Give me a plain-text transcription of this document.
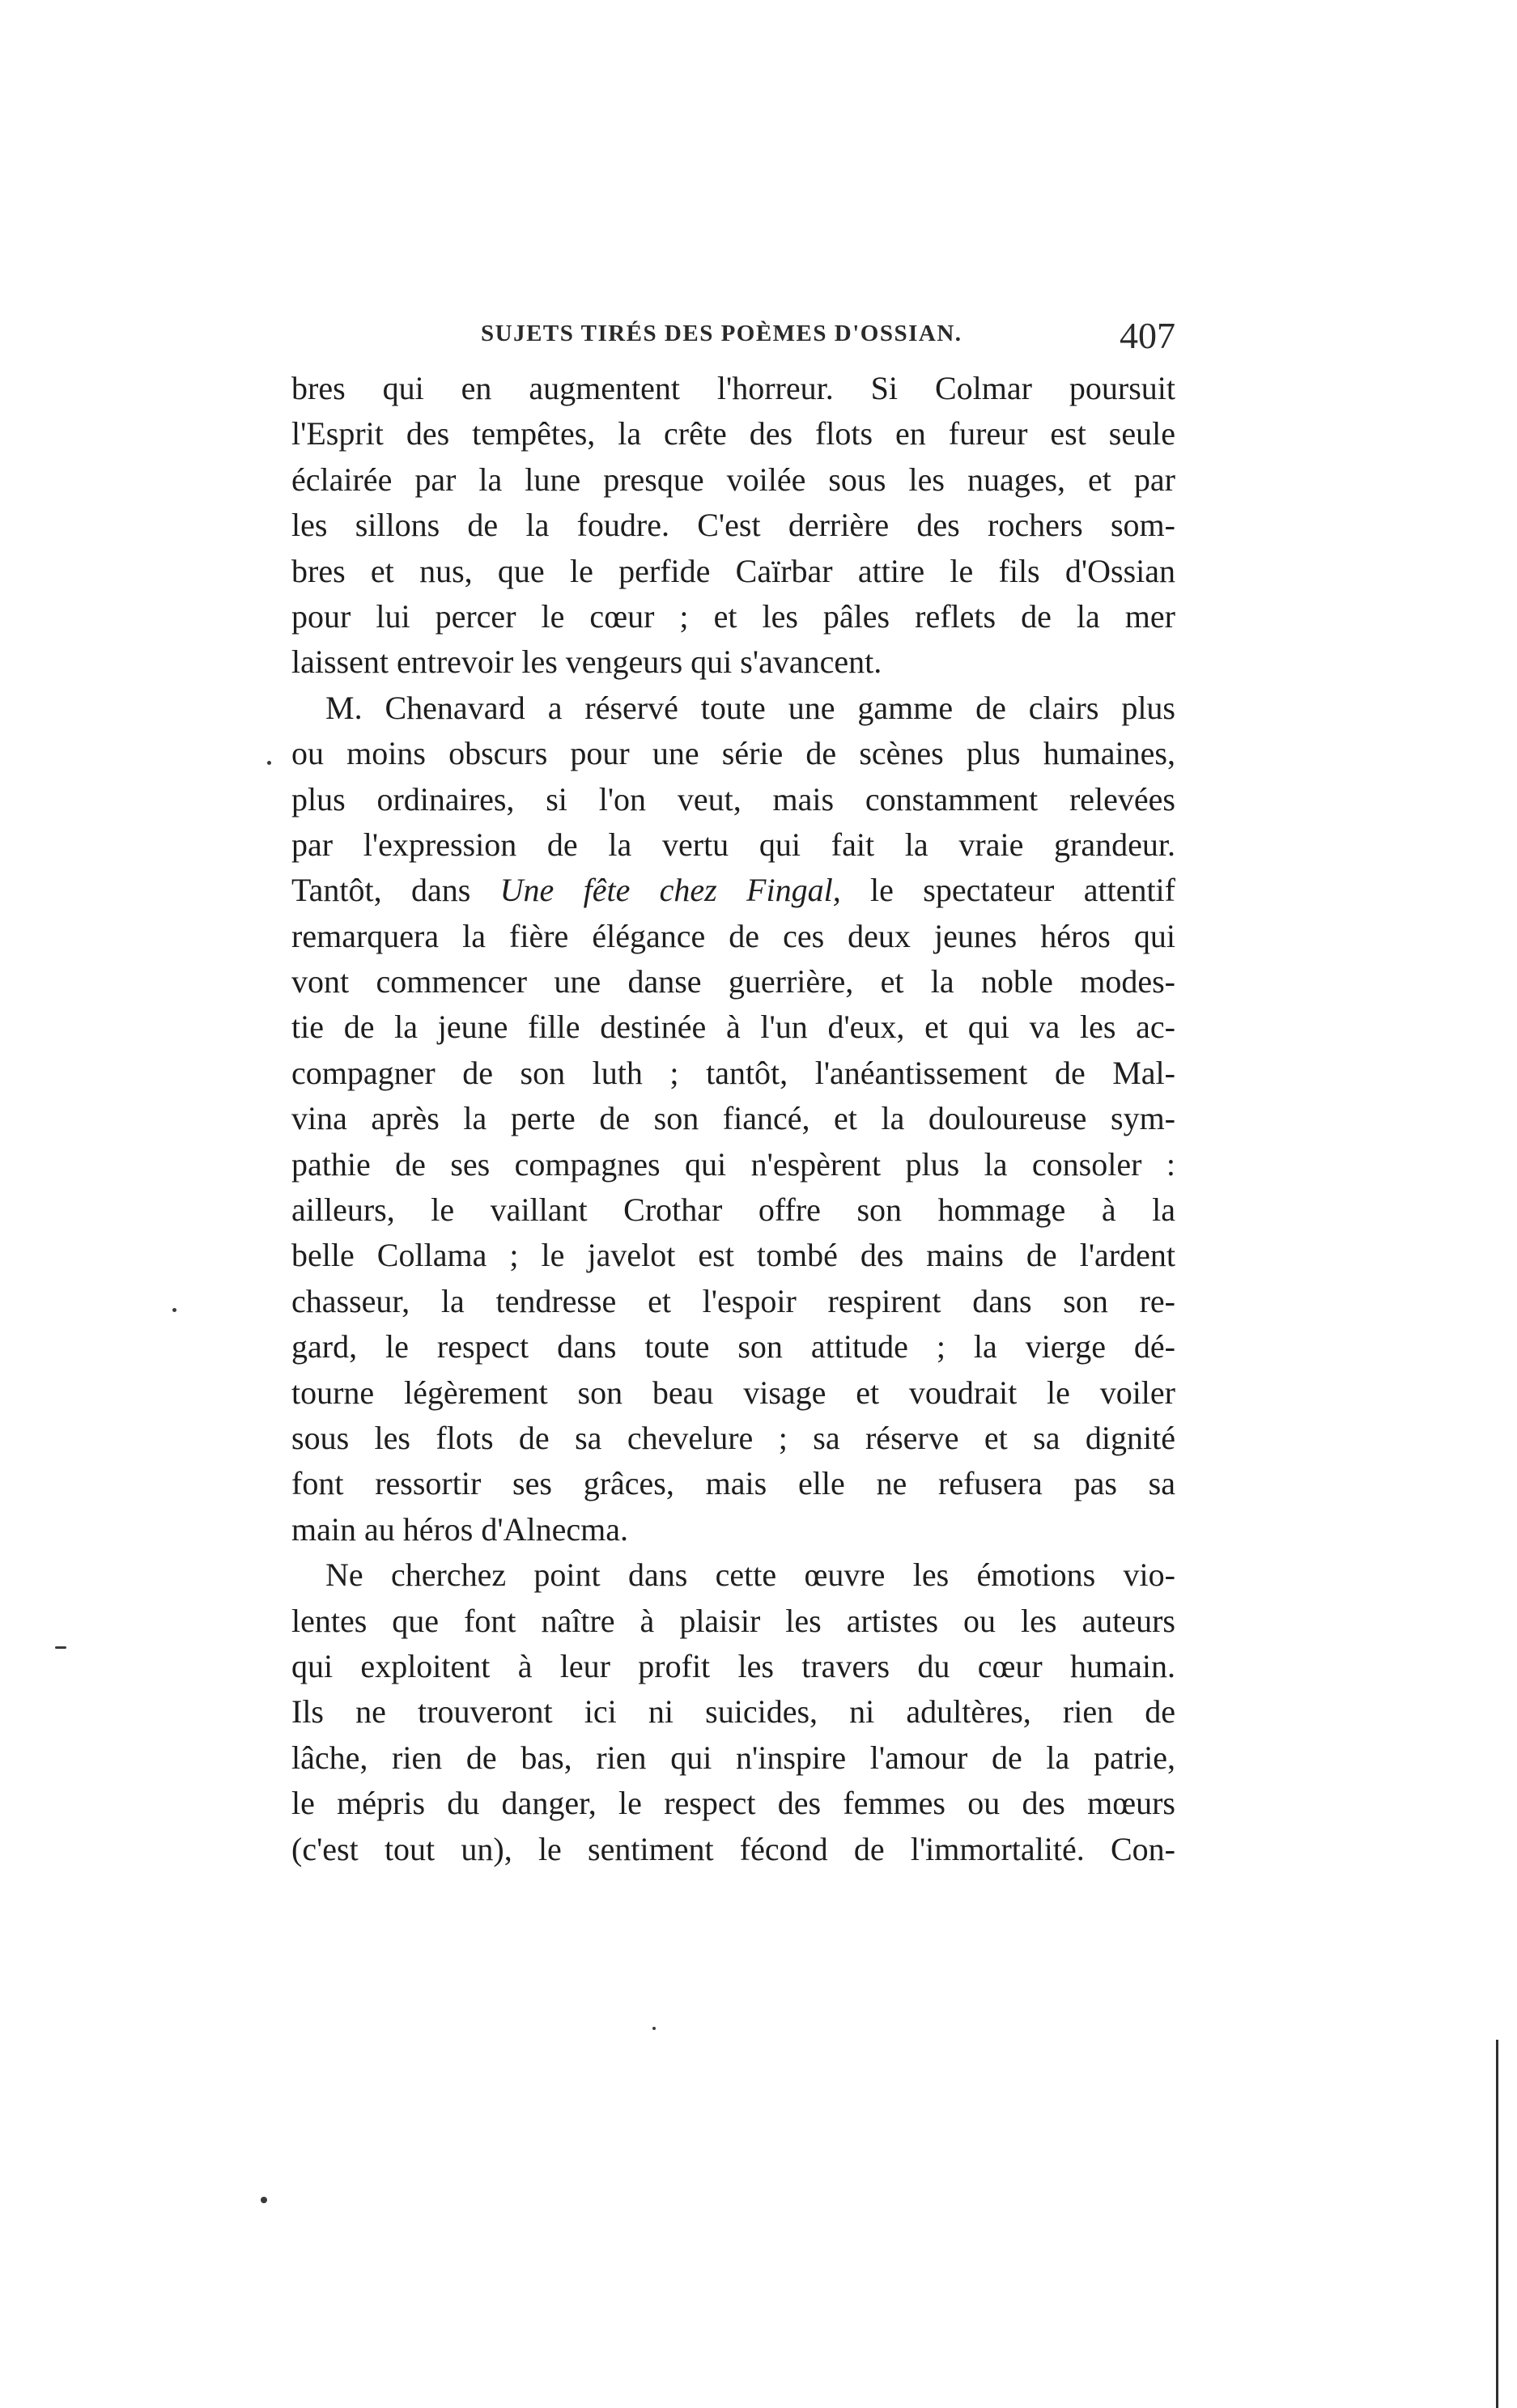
SUJETS TIRÉS DES POÈMES D'OSSIAN.	407
bres qui en augmentent l'horreur. Si Colmar poursuit
l'Esprit des tempêtes, la crête des flots en fureur est seule
éclairée par la lune presque voilée sous les nuages, et par
les sillons de la foudre. C'est derrière des rochers som-
bres et nus, que le perfide Caïrbar attire le fils d'Ossian
pour lui percer le cœur ; et les pâles reflets de la mer
laissent entrevoir les vengeurs qui s'avancent.
M. Chenavard a réservé toute une gamme de clairs plus
ou moins obscurs pour une série de scènes plus humaines,
plus ordinaires, si l'on veut, mais constamment relevées
par l'expression de la vertu qui fait la vraie grandeur.
Tantôt, dans Une fête chez Fingal, le spectateur attentif
remarquera la fière élégance de ces deux jeunes héros qui
vont commencer une danse guerrière, et la noble modes-
tie de la jeune fille destinée à l'un d'eux, et qui va les ac-
compagner de son luth ; tantôt, l'anéantissement de Mal-
vina après la perte de son fiancé, et la douloureuse sym-
pathie de ses compagnes qui n'espèrent plus la consoler :
ailleurs, le vaillant Crothar offre son hommage à la
belle Collama ; le javelot est tombé des mains de l'ardent
chasseur, la tendresse et l'espoir respirent dans son re-
gard, le respect dans toute son attitude ; la vierge dé-
tourne légèrement son beau visage et voudrait le voiler
sous les flots de sa chevelure ; sa réserve et sa dignité
font ressortir ses grâces, mais elle ne refusera pas sa
main au héros d'Alnecma.
Ne cherchez point dans cette œuvre les émotions vio-
lentes que font naître à plaisir les artistes ou les auteurs
qui exploitent à leur profit les travers du cœur humain.
Ils ne trouveront ici ni suicides, ni adultères, rien de
lâche, rien de bas, rien qui n'inspire l'amour de la patrie,
le mépris du danger, le respect des femmes ou des mœurs
(c'est tout un), le sentiment fécond de l'immortalité. Con-
